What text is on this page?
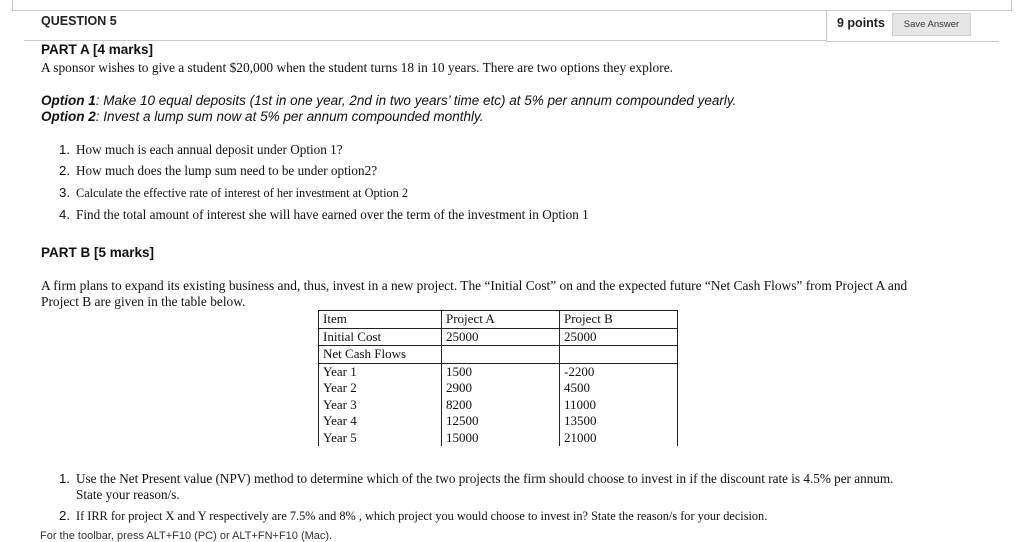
QUESTION 5	9 points	Save Answer
PART A [4 marks]
A sponsor wishes to give a student $20,000 when the student turns 18 in 10 years. There are two options they explore.
Option 1: Make 10 equal deposits (1st in one year, 2nd in two years’ time etc) at 5% per annum compounded yearly.
Option 2: Invest a lump sum now at 5% per annum compounded monthly.
1. How much is each annual deposit under Option 1?
2. How much does the lump sum need to be under option2?
3. Calculate the effective rate of interest of her investment at Option 2
4. Find the total amount of interest she will have earned over the term of the investment in Option 1
PART B [5 marks]
A firm plans to expand its existing business and, thus, invest in a new project. The “Initial Cost” on and the expected future “Net Cash Flows” from Project A and
Project B are given in the table below.
Item	Project A	Project B
Initial Cost	25000	25000
Net Cash Flows		
Year 1	1500	-2200
Year 2	2900	4500
Year 3	8200	11000
Year 4	12500	13500
Year 5	15000	21000
1. Use the Net Present value (NPV) method to determine which of the two projects the firm should choose to invest in if the discount rate is 4.5% per annum.
State your reason/s.
2. If IRR for project X and Y respectively are 7.5% and 8% , which project you would choose to invest in? State the reason/s for your decision.
For the toolbar, press ALT+F10 (PC) or ALT+FN+F10 (Mac).
